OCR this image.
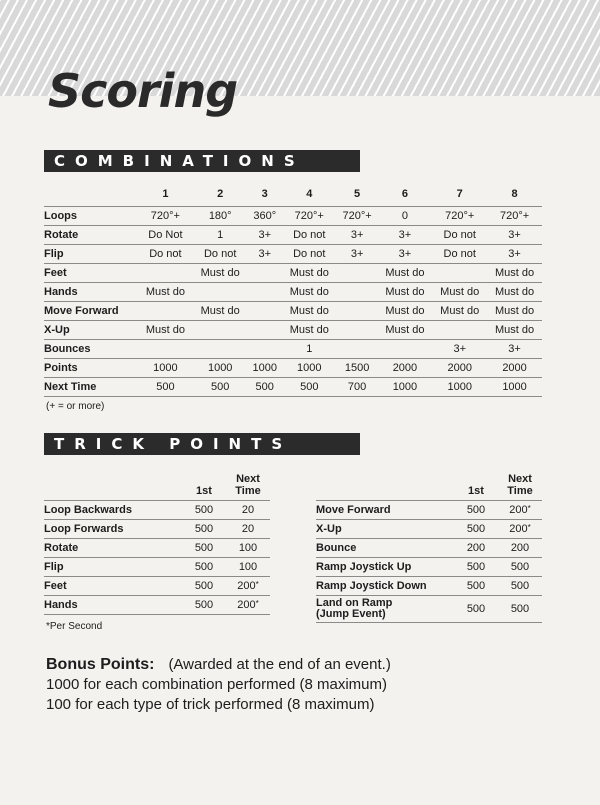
Scoring
COMBINATIONS
	1	2	3	4	5	6	7	8
Loops	720°+	180°	360°	720°+	720°+	0	720°+	720°+
Rotate	Do Not	1	3+	Do not	3+	3+	Do not	3+
Flip	Do not	Do not	3+	Do not	3+	3+	Do not	3+
Feet		Must do		Must do		Must do		Must do
Hands	Must do			Must do		Must do	Must do	Must do
Move Forward		Must do		Must do		Must do	Must do	Must do
X-Up	Must do			Must do		Must do		Must do
Bounces				1			3+	3+
Points	1000	1000	1000	1000	1500	2000	2000	2000
Next Time	500	500	500	500	700	1000	1000	1000
(+ = or more)
TRICK POINTS
	1st	Next
Time
Loop Backwards	500	20
Loop Forwards	500	20
Rotate	500	100
Flip	500	100
Feet	500	200*
Hands	500	200*
	1st	Next
Time
Move Forward	500	200*
X-Up	500	200*
Bounce	200	200
Ramp Joystick Up	500	500
Ramp Joystick Down	500	500
Land on Ramp
(Jump Event)	500	500
*Per Second
Bonus Points: (Awarded at the end of an event.)
1000 for each combination performed (8 maximum)
100 for each type of trick performed (8 maximum)
